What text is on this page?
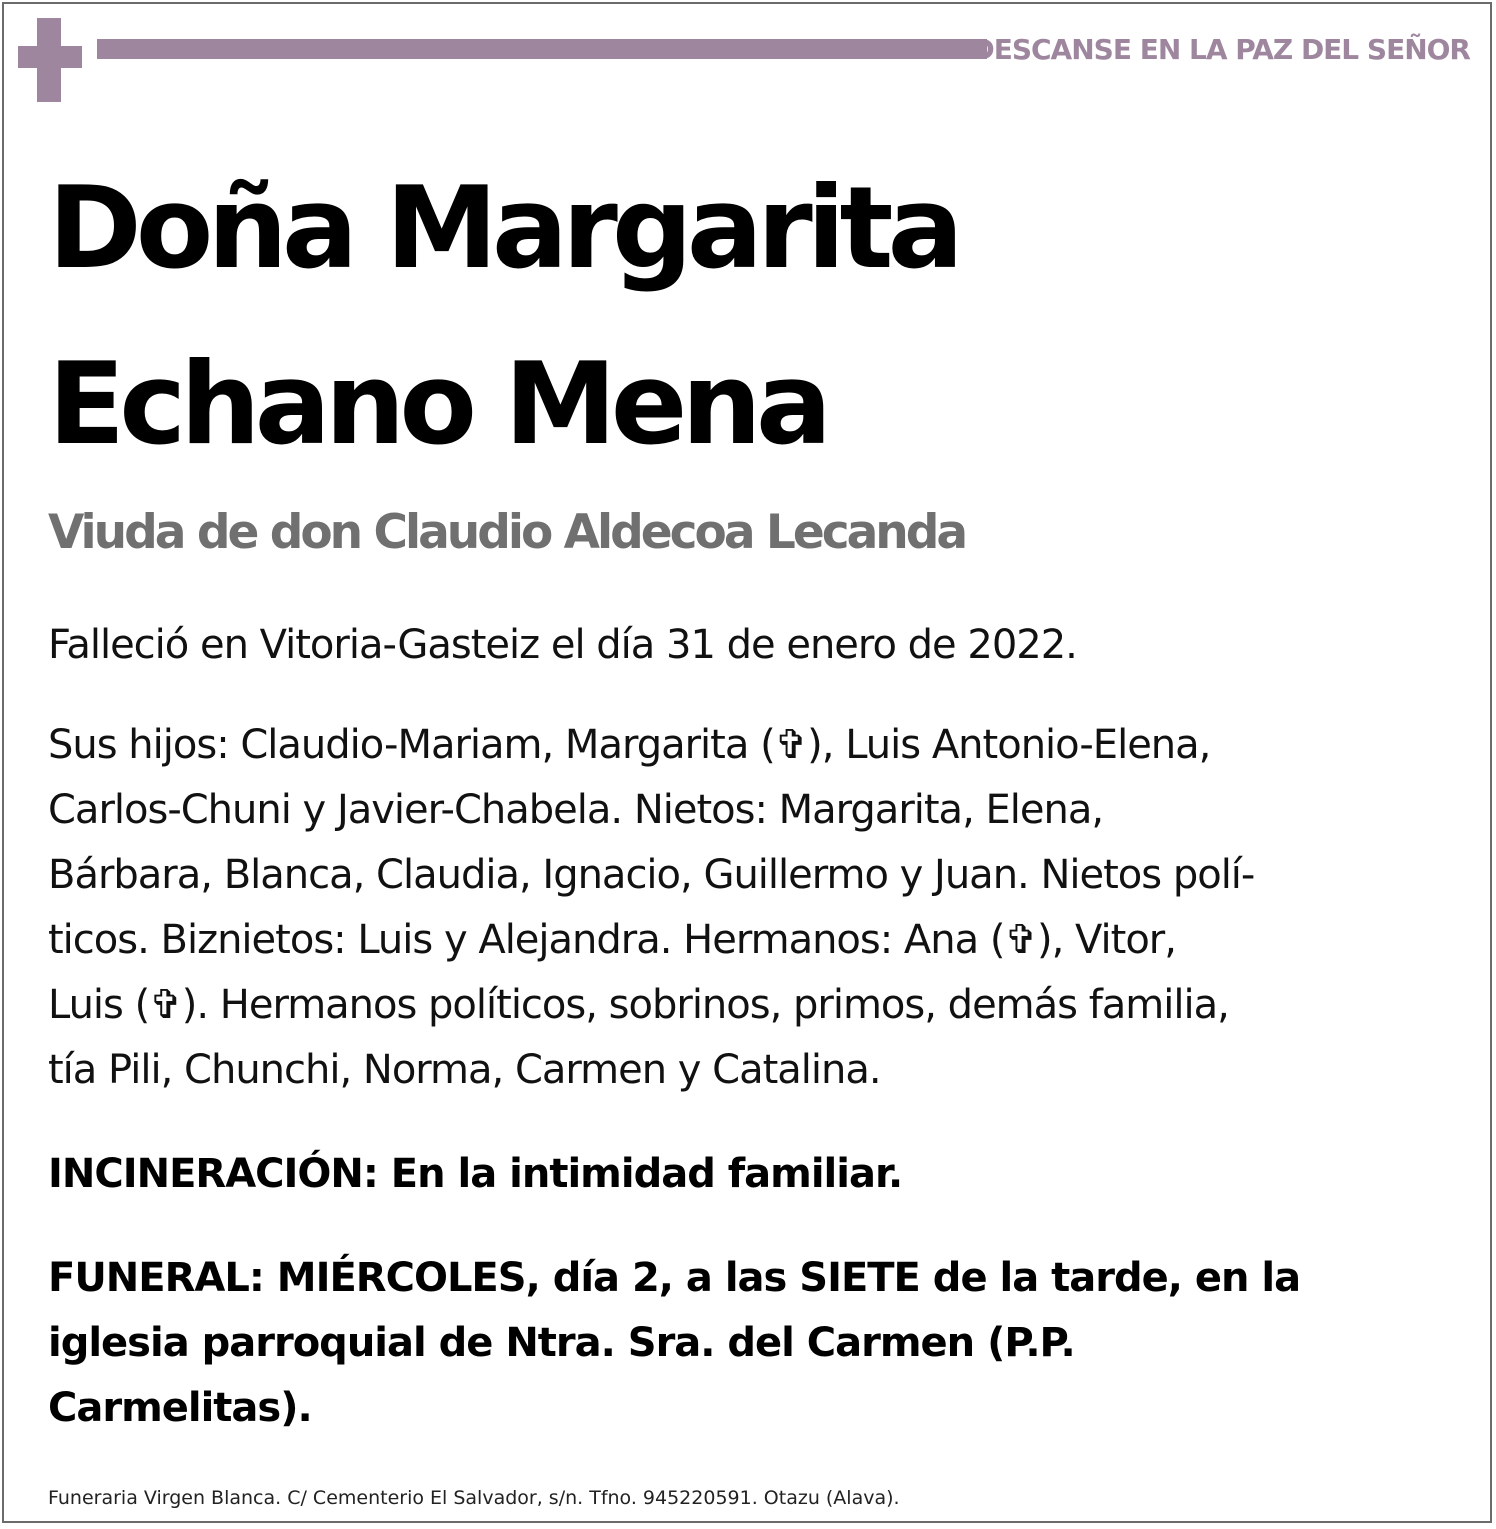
DESCANSE EN LA PAZ DEL SEÑOR
Doña Margarita
Echano Mena
Viuda de don Claudio Aldecoa Lecanda

Falleció en Vitoria-Gasteiz el día 31 de enero de 2022.

Sus hijos: Claudio-Mariam, Margarita (✞), Luis Antonio-Elena,
Carlos-Chuni y Javier-Chabela. Nietos: Margarita, Elena,
Bárbara, Blanca, Claudia, Ignacio, Guillermo y Juan. Nietos polí-
ticos. Biznietos: Luis y Alejandra. Hermanos: Ana (✞), Vitor,
Luis (✞). Hermanos políticos, sobrinos, primos, demás familia,
tía Pili, Chunchi, Norma, Carmen y Catalina.
INCINERACIÓN: En la intimidad familiar.
FUNERAL: MIÉRCOLES, día 2, a las SIETE de la tarde, en la
iglesia parroquial de Ntra. Sra. del Carmen (P.P.
Carmelitas).
Funeraria Virgen Blanca. C/ Cementerio El Salvador, s/n. Tfno. 945220591. Otazu (Alava).
